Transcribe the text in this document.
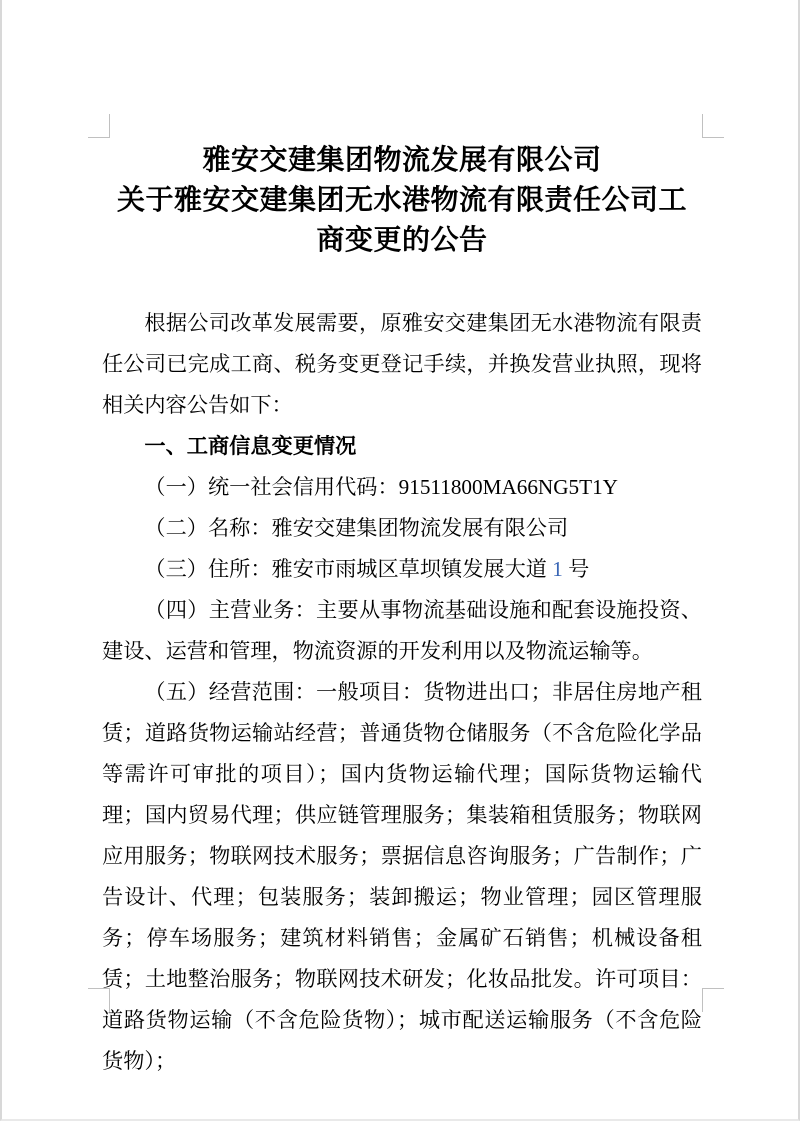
雅安交建集团物流发展有限公司
关于雅安交建集团无水港物流有限责任公司工
商变更的公告

根据公司改革发展需要，原雅安交建集团无水港物流有限责任公司已完成工商、税务变更登记手续，并换发营业执照，现将相关内容公告如下：

一、工商信息变更情况

（一）统一社会信用代码：91511800MA66NG5T1Y

（二）名称：雅安交建集团物流发展有限公司

（三）住所：雅安市雨城区草坝镇发展大道 1 号

（四）主营业务：主要从事物流基础设施和配套设施投资、建设、运营和管理，物流资源的开发利用以及物流运输等。

（五）经营范围：一般项目：货物进出口；非居住房地产租赁；道路货物运输站经营；普通货物仓储服务（不含危险化学品等需许可审批的项目）；国内货物运输代理；国际货物运输代理；国内贸易代理；供应链管理服务；集装箱租赁服务；物联网应用服务；物联网技术服务；票据信息咨询服务；广告制作；广告设计、代理；包装服务；装卸搬运；物业管理；园区管理服务；停车场服务；建筑材料销售；金属矿石销售；机械设备租赁；土地整治服务；物联网技术研发；化妆品批发。许可项目：道路货物运输（不含危险货物）；城市配送运输服务（不含危险货物）；
